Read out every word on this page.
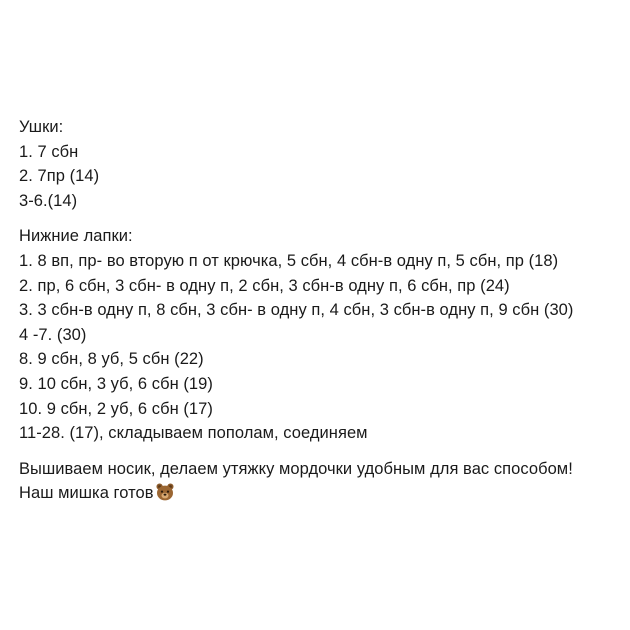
Ушки:
1. 7 сбн
2. 7пр (14)
3-6.(14)
Нижние лапки:
1. 8 вп, пр- во вторую п от крючка, 5 сбн, 4 сбн-в одну п, 5 сбн, пр (18)
2. пр, 6 сбн, 3 сбн- в одну п, 2 сбн, 3 сбн-в одну п, 6 сбн, пр (24)
3. 3 сбн-в одну п, 8 сбн, 3 сбн- в одну п, 4 сбн, 3 сбн-в одну п, 9 сбн (30)
4 -7. (30)
8. 9 сбн, 8 уб, 5 сбн (22)
9. 10 сбн, 3 уб, 6 сбн (19)
10. 9 сбн, 2 уб, 6 сбн (17)
11-28. (17), складываем пополам, соединяем
Вышиваем носик, делаем утяжку мордочки удобным для вас способом!
Наш мишка готов
